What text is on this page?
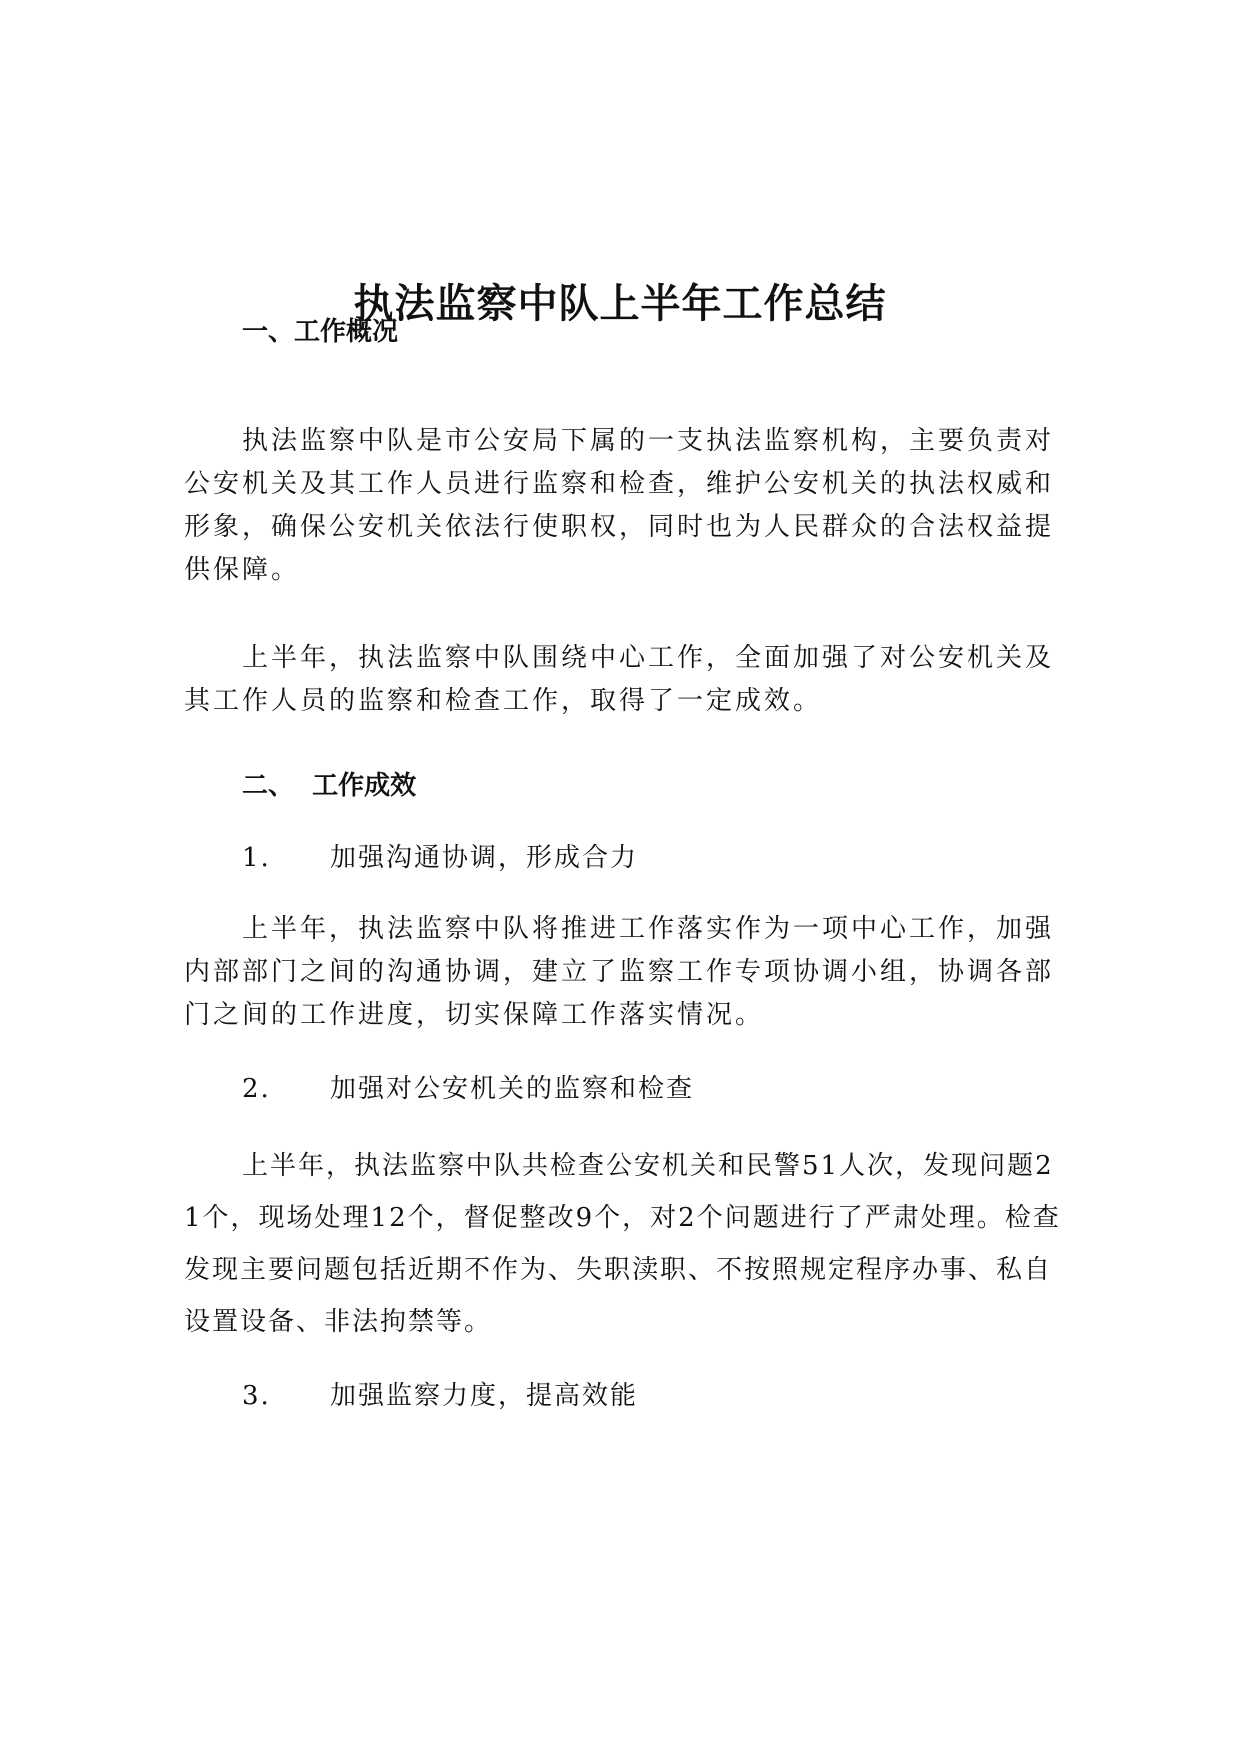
执法监察中队上半年工作总结
一、工作概况

执法监察中队是市公安局下属的一支执法监察机构，主要负责对公安机关及其工作人员进行监察和检查，维护公安机关的执法权威和形象，确保公安机关依法行使职权，同时也为人民群众的合法权益提供保障。

上半年，执法监察中队围绕中心工作，全面加强了对公安机关及其工作人员的监察和检查工作，取得了一定成效。

二、  工作成效
1. 加强沟通协调，形成合力

上半年，执法监察中队将推进工作落实作为一项中心工作，加强内部部门之间的沟通协调，建立了监察工作专项协调小组，协调各部门之间的工作进度，切实保障工作落实情况。

2. 加强对公安机关的监察和检查

上半年，执法监察中队共检查公安机关和民警51人次，发现问题21个，现场处理12个，督促整改9个，对2个问题进行了严肃处理。检查发现主要问题包括近期不作为、失职渎职、不按照规定程序办事、私自设置设备、非法拘禁等。

3. 加强监察力度，提高效能
